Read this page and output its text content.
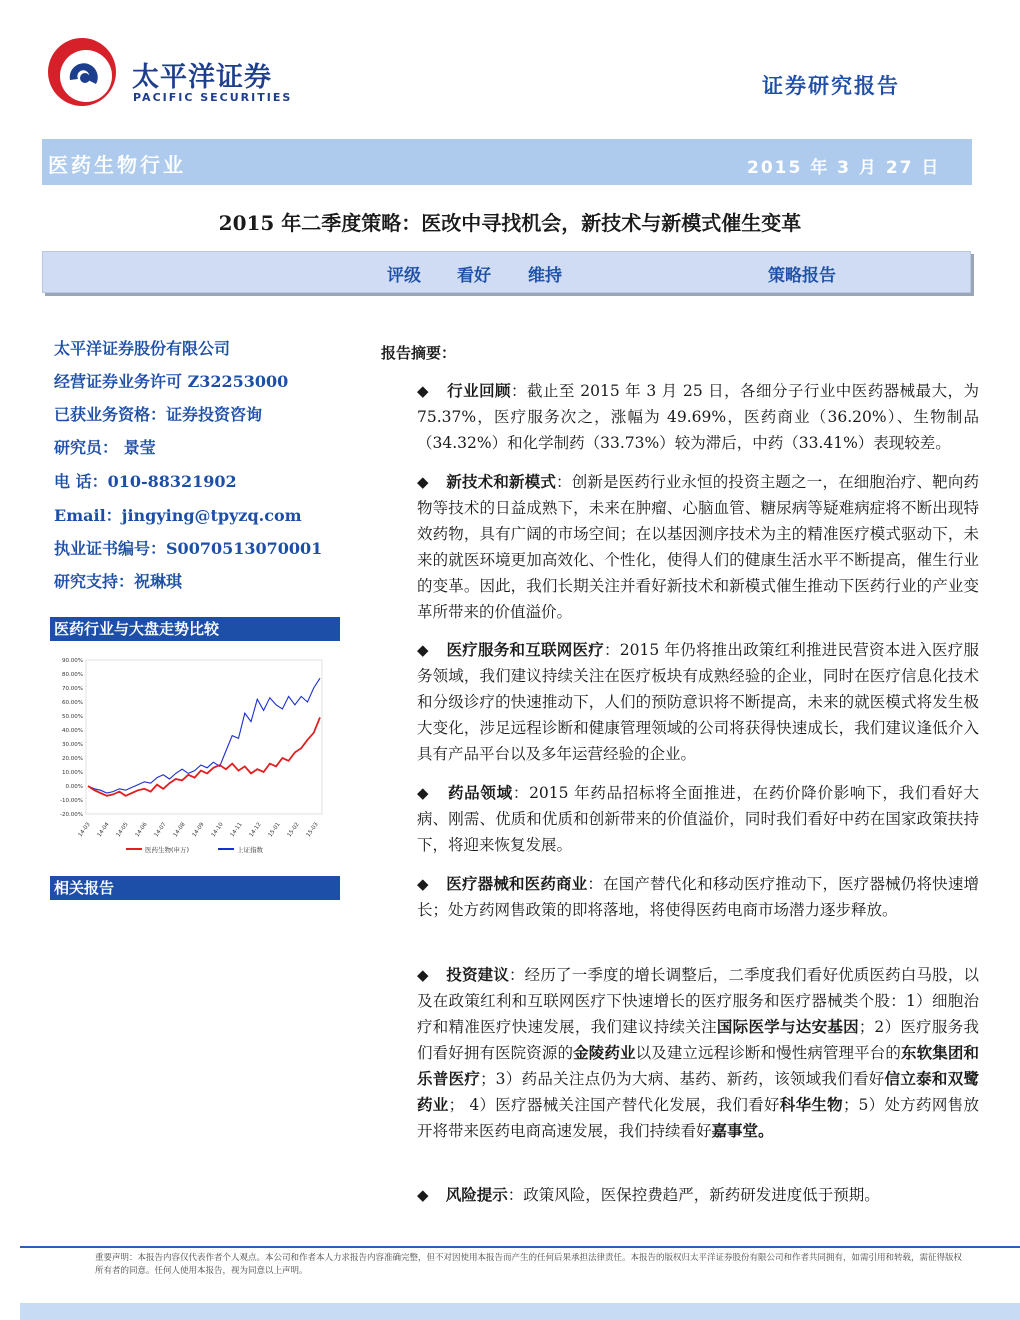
太平洋证券
PACIFIC SECURITIES	证券研究报告
医药生物行业	2015 年 3 月 27 日
2015 年二季度策略：医改中寻找机会，新技术与新模式催生变革
评级 看好 维持	策略报告
太平洋证券股份有限公司
经营证券业务许可 Z32253000
已获业务资格：证券投资咨询
研究员： 景莹
电 话：010-88321902
Email：jingying@tpyzq.com
执业证书编号：S0070513070001
研究支持：祝琳琪
医药行业与大盘走势比较
90.00%
80.00%
70.00%
60.00%
50.00%
40.00%
30.00%
20.00%
10.00%
0.00%
-10.00%
-20.00%
14-03 14-04 14-05 14-06 14-07 14-08 14-09 14-10 14-11 14-12 15-01 15-02 15-03
医药生物(申万)	上证指数
相关报告
报告摘要：
◆ 行业回顾：截止至 2015 年 3 月 25 日，各细分子行业中医药器械最大，为 75.37%，医疗服务次之，涨幅为 49.69%，医药商业（36.20%）、生物制品（34.32%）和化学制药（33.73%）较为滞后，中药（33.41%）表现较差。
◆ 新技术和新模式：创新是医药行业永恒的投资主题之一，在细胞治疗、靶向药物等技术的日益成熟下，未来在肿瘤、心脑血管、糖尿病等疑难病症将不断出现特效药物，具有广阔的市场空间；在以基因测序技术为主的精准医疗模式驱动下，未来的就医环境更加高效化、个性化，使得人们的健康生活水平不断提高，催生行业的变革。因此，我们长期关注并看好新技术和新模式催生推动下医药行业的产业变革所带来的价值溢价。
◆ 医疗服务和互联网医疗：2015 年仍将推出政策红利推进民营资本进入医疗服务领域，我们建议持续关注在医疗板块有成熟经验的企业，同时在医疗信息化技术和分级诊疗的快速推动下，人们的预防意识将不断提高，未来的就医模式将发生极大变化，涉足远程诊断和健康管理领域的公司将获得快速成长，我们建议逢低介入具有产品平台以及多年运营经验的企业。
◆ 药品领域：2015 年药品招标将全面推进，在药价降价影响下，我们看好大病、刚需、优质和优质和创新带来的价值溢价，同时我们看好中药在国家政策扶持下，将迎来恢复发展。
◆ 医疗器械和医药商业：在国产替代化和移动医疗推动下，医疗器械仍将快速增长；处方药网售政策的即将落地，将使得医药电商市场潜力逐步释放。
◆ 投资建议：经历了一季度的增长调整后，二季度我们看好优质医药白马股，以及在政策红利和互联网医疗下快速增长的医疗服务和医疗器械类个股：1）细胞治疗和精准医疗快速发展，我们建议持续关注国际医学与达安基因；2）医疗服务我们看好拥有医院资源的金陵药业以及建立远程诊断和慢性病管理平台的东软集团和乐普医疗；3）药品关注点仍为大病、基药、新药，该领域我们看好信立泰和双鹭药业； 4）医疗器械关注国产替代化发展，我们看好科华生物；5）处方药网售放开将带来医药电商高速发展，我们持续看好嘉事堂。
◆ 风险提示：政策风险，医保控费趋严，新药研发进度低于预期。
重要声明：本报告内容仅代表作者个人观点。本公司和作者本人力求报告内容准确完整，但不对因使用本报告而产生的任何后果承担法律责任。本报告的版权归太平洋证券股份有限公司和作者共同拥有，如需引用和转载，需征得版权所有者的同意。任何人使用本报告，视为同意以上声明。
